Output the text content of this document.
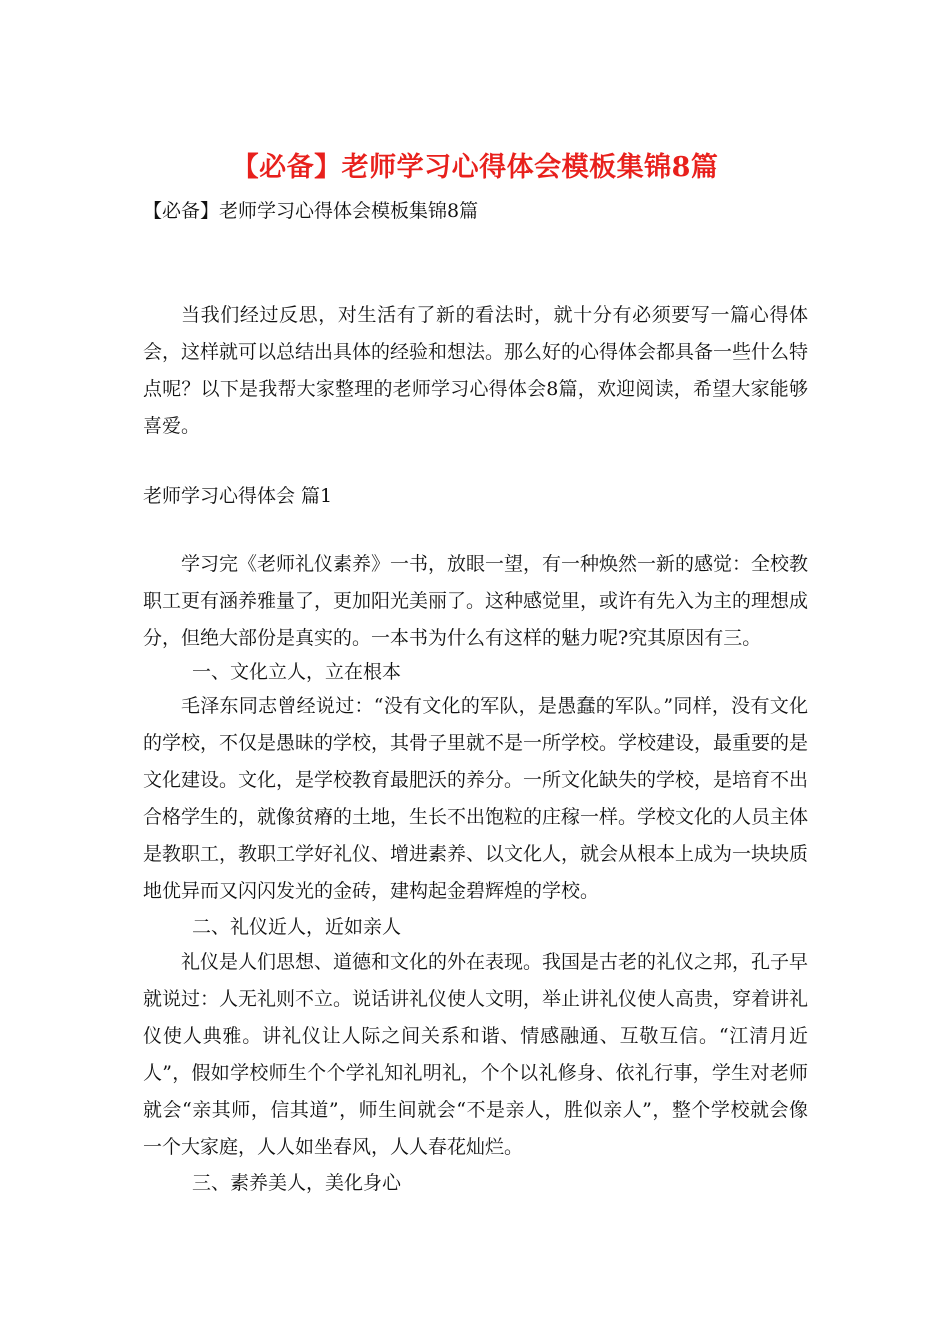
【必备】老师学习心得体会模板集锦8篇
【必备】老师学习心得体会模板集锦8篇

当我们经过反思，对生活有了新的看法时，就十分有必须要写一篇心得体会，这样就可以总结出具体的经验和想法。那么好的心得体会都具备一些什么特点呢？以下是我帮大家整理的老师学习心得体会8篇，欢迎阅读，希望大家能够喜爱。

老师学习心得体会 篇1

学习完《老师礼仪素养》一书，放眼一望，有一种焕然一新的感觉：全校教职工更有涵养雅量了，更加阳光美丽了。这种感觉里，或许有先入为主的理想成分，但绝大部份是真实的。一本书为什么有这样的魅力呢?究其原因有三。

一、文化立人，立在根本

毛泽东同志曾经说过：“没有文化的军队，是愚蠢的军队。”同样，没有文化的学校，不仅是愚昧的学校，其骨子里就不是一所学校。学校建设，最重要的是文化建设。文化，是学校教育最肥沃的养分。一所文化缺失的学校，是培育不出合格学生的，就像贫瘠的土地，生长不出饱粒的庄稼一样。学校文化的人员主体是教职工，教职工学好礼仪、增进素养、以文化人，就会从根本上成为一块块质地优异而又闪闪发光的金砖，建构起金碧辉煌的学校。

二、礼仪近人，近如亲人

礼仪是人们思想、道德和文化的外在表现。我国是古老的礼仪之邦，孔子早就说过：人无礼则不立。说话讲礼仪使人文明，举止讲礼仪使人高贵，穿着讲礼仪使人典雅。讲礼仪让人际之间关系和谐、情感融通、互敬互信。“江清月近人”，假如学校师生个个学礼知礼明礼，个个以礼修身、依礼行事，学生对老师就会“亲其师，信其道”，师生间就会“不是亲人，胜似亲人”，整个学校就会像一个大家庭，人人如坐春风，人人春花灿烂。

三、素养美人，美化身心
